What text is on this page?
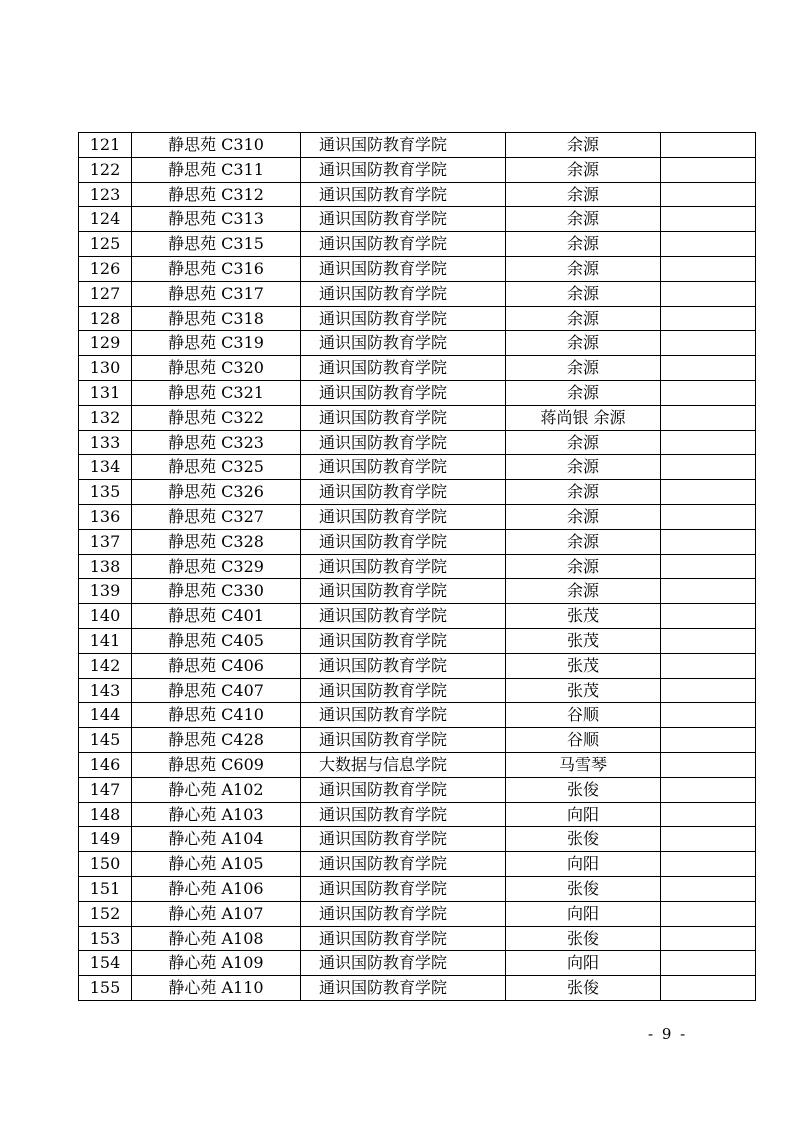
121	静思苑 C310	通识国防教育学院	余源	
122	静思苑 C311	通识国防教育学院	余源	
123	静思苑 C312	通识国防教育学院	余源	
124	静思苑 C313	通识国防教育学院	余源	
125	静思苑 C315	通识国防教育学院	余源	
126	静思苑 C316	通识国防教育学院	余源	
127	静思苑 C317	通识国防教育学院	余源	
128	静思苑 C318	通识国防教育学院	余源	
129	静思苑 C319	通识国防教育学院	余源	
130	静思苑 C320	通识国防教育学院	余源	
131	静思苑 C321	通识国防教育学院	余源	
132	静思苑 C322	通识国防教育学院	蒋尚银 余源	
133	静思苑 C323	通识国防教育学院	余源	
134	静思苑 C325	通识国防教育学院	余源	
135	静思苑 C326	通识国防教育学院	余源	
136	静思苑 C327	通识国防教育学院	余源	
137	静思苑 C328	通识国防教育学院	余源	
138	静思苑 C329	通识国防教育学院	余源	
139	静思苑 C330	通识国防教育学院	余源	
140	静思苑 C401	通识国防教育学院	张茂	
141	静思苑 C405	通识国防教育学院	张茂	
142	静思苑 C406	通识国防教育学院	张茂	
143	静思苑 C407	通识国防教育学院	张茂	
144	静思苑 C410	通识国防教育学院	谷顺	
145	静思苑 C428	通识国防教育学院	谷顺	
146	静思苑 C609	大数据与信息学院	马雪琴	
147	静心苑 A102	通识国防教育学院	张俊	
148	静心苑 A103	通识国防教育学院	向阳	
149	静心苑 A104	通识国防教育学院	张俊	
150	静心苑 A105	通识国防教育学院	向阳	
151	静心苑 A106	通识国防教育学院	张俊	
152	静心苑 A107	通识国防教育学院	向阳	
153	静心苑 A108	通识国防教育学院	张俊	
154	静心苑 A109	通识国防教育学院	向阳	
155	静心苑 A110	通识国防教育学院	张俊	
- 9 -
